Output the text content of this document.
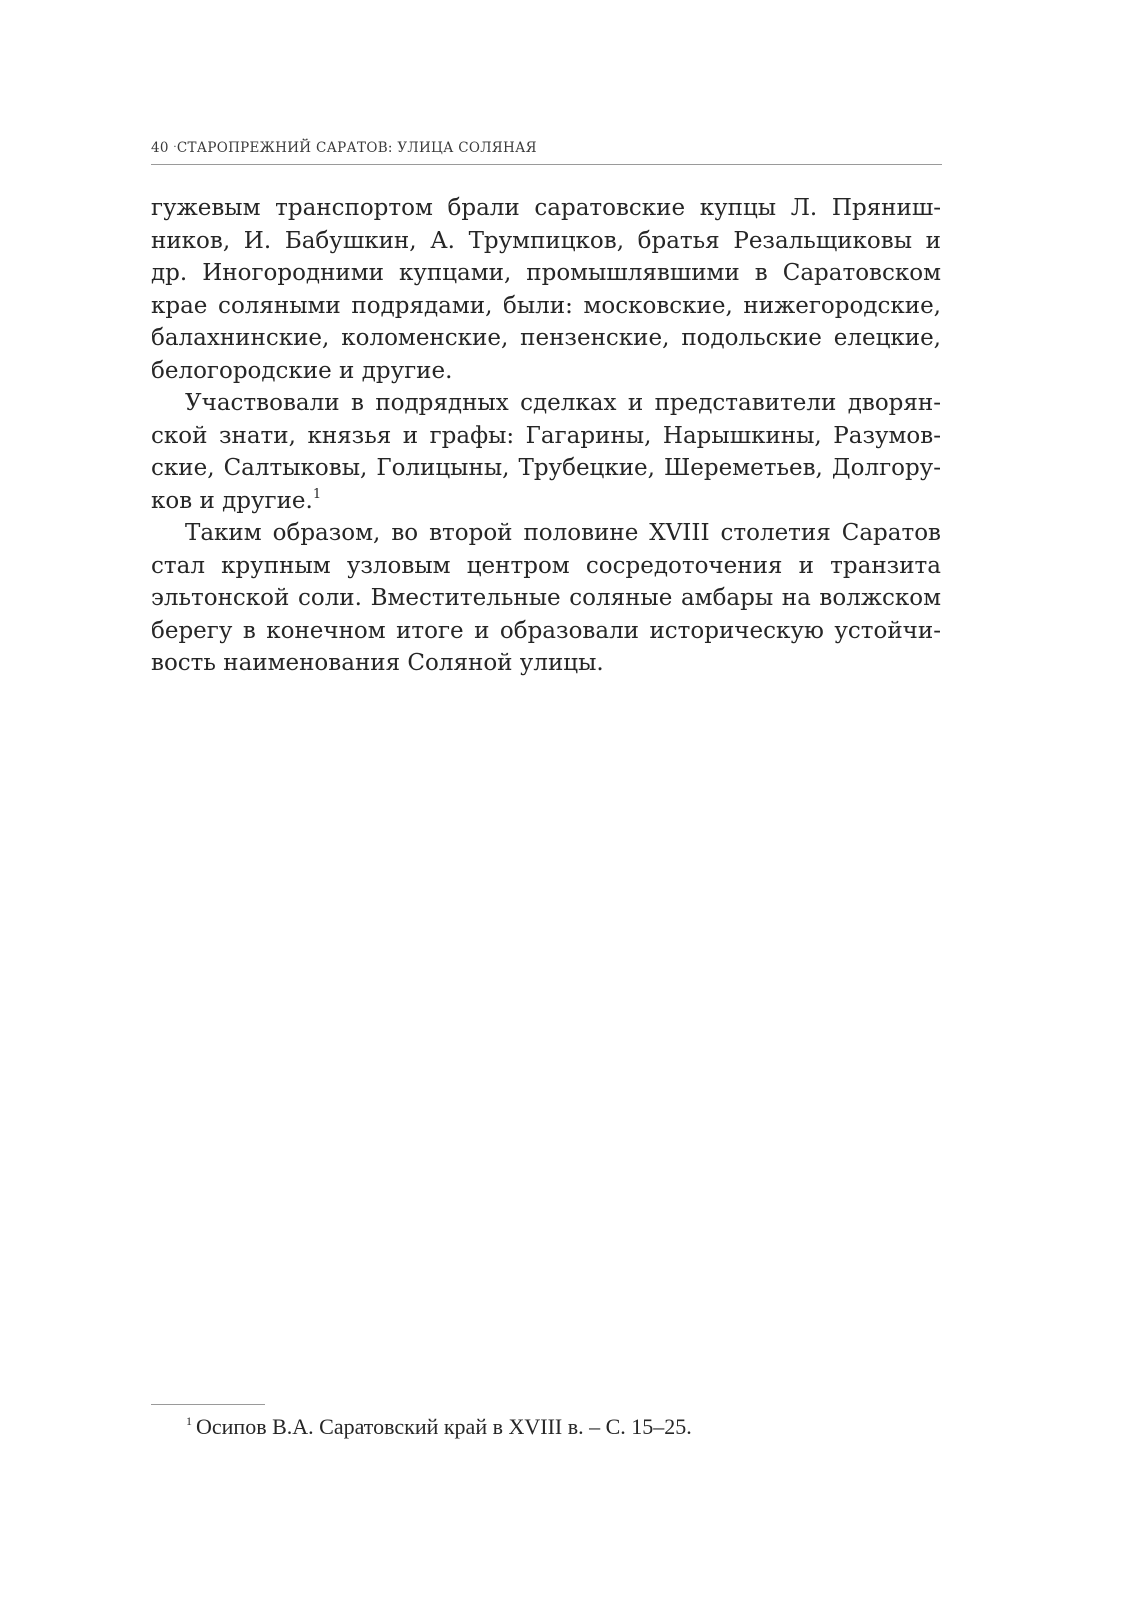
40 ·СТАРОПРЕЖНИЙ САРАТОВ: УЛИЦА СОЛЯНАЯ
гужевым транспортом брали саратовские купцы Л. Пряниш-
ников, И. Бабушкин, А. Трумпицков, братья Резальщиковы и
др. Иногородними купцами, промышлявшими в Саратовском
крае соляными подрядами, были: московские, нижегородские,
балахнинские, коломенские, пензенские, подольские елецкие,
белогородские и другие.
Участвовали в подрядных сделках и представители дворян-
ской знати, князья и графы: Гагарины, Нарышкины, Разумов-
ские, Салтыковы, Голицыны, Трубецкие, Шереметьев, Долгору-
ков и другие.$^1$
Таким образом, во второй половине XVIII столетия Саратов
стал крупным узловым центром сосредоточения и транзита
эльтонской соли. Вместительные соляные амбары на волжском
берегу в конечном итоге и образовали историческую устойчи-
вость наименования Соляной улицы.
$^1$ Осипов В.А. Саратовский край в XVIII в. – С. 15–25.
